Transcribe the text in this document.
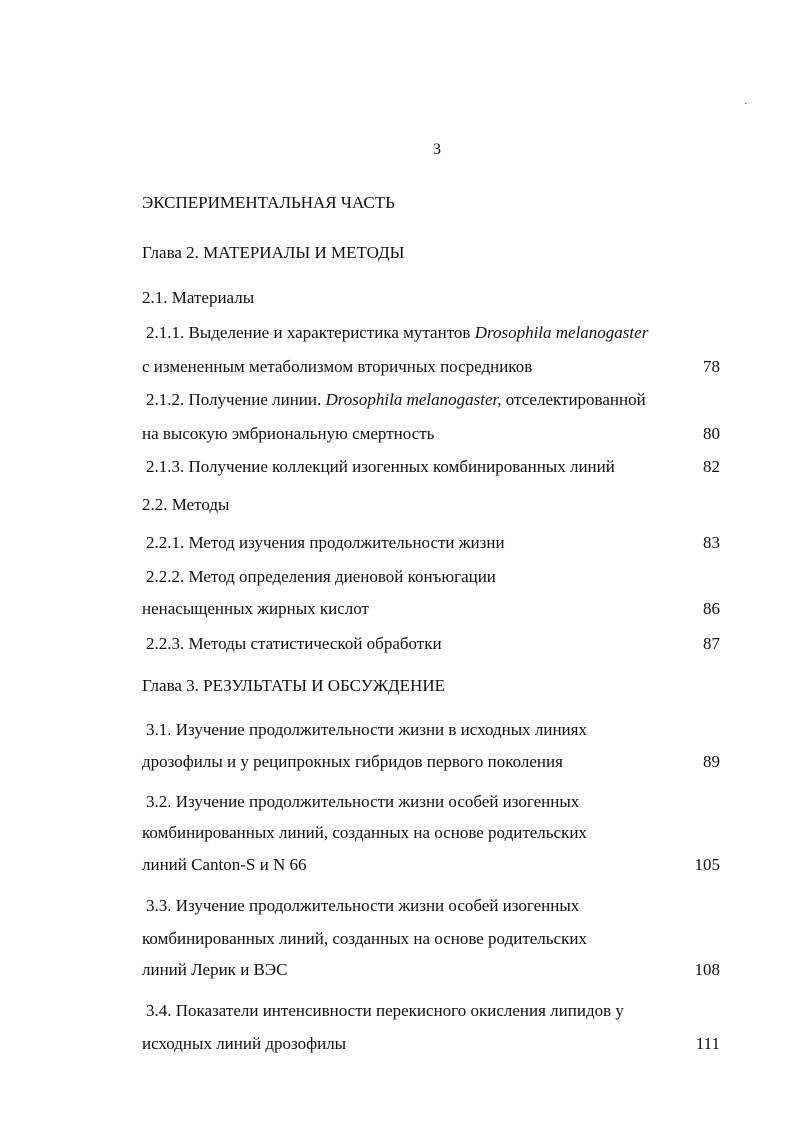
3
ЭКСПЕРИМЕНТАЛЬНАЯ ЧАСТЬ
Глава 2. МАТЕРИАЛЫ И МЕТОДЫ
2.1. Материалы
2.1.1. Выделение и характеристика мутантов Drosophila melanogaster
с измененным метаболизмом вторичных посредников	78
2.1.2. Получение линии. Drosophila melanogaster, отселектированной
на высокую эмбриональную смертность	80
2.1.3. Получение коллекций изогенных комбинированных линий	82
2.2. Методы
2.2.1. Метод изучения продолжительности жизни	83
2.2.2. Метод определения диеновой конъюгации
ненасыщенных жирных кислот	86
2.2.3. Методы статистической обработки	87
Глава 3. РЕЗУЛЬТАТЫ И ОБСУЖДЕНИЕ
3.1. Изучение продолжительности жизни в исходных линиях
дрозофилы и у реципрокных гибридов первого поколения	89
3.2. Изучение продолжительности жизни особей изогенных
комбинированных линий, созданных на основе родительских
линий Canton-S и N 66	105
3.3. Изучение продолжительности жизни особей изогенных
комбинированных линий, созданных на основе родительских
линий Лерик и ВЭС	108
3.4. Показатели интенсивности перекисного окисления липидов у
исходных линий дрозофилы	111
